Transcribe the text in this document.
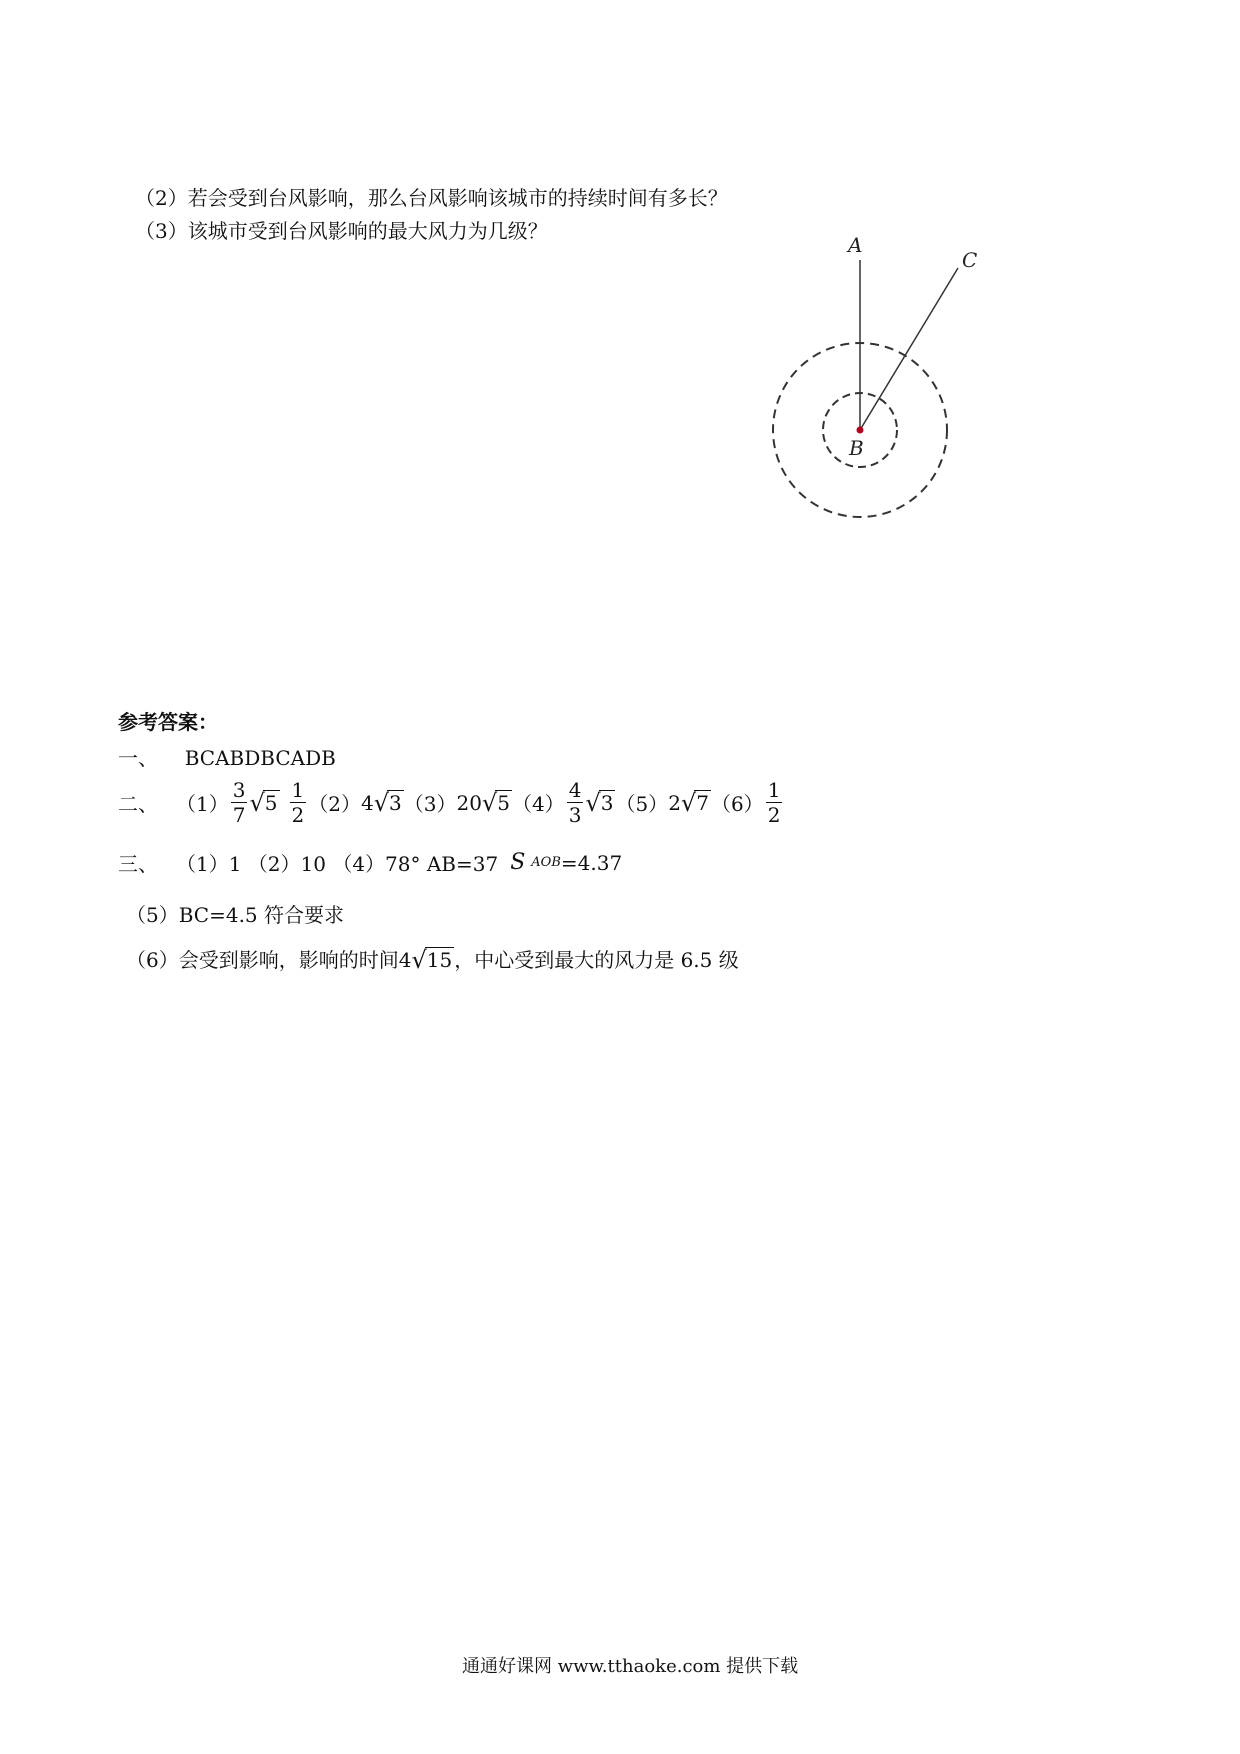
（2）若会受到台风影响，那么台风影响该城市的持续时间有多长？
（3）该城市受到台风影响的最大风力为几级？
A
B
C
参考答案：
一、 BCABDBCADB
二、 $(1) \frac{3}{7} √5 \frac{1}{2} (2)$ 4√3 （3） 20√5 $(4) \frac{4}{3} √3$ （5） 2√7 $(6) \frac{1}{2}$
三、 （1）1 （2）10 （4）78° AB=37 S AOB =4.37
（5）BC=4.5 符合要求
（6）会受到影响，影响的时间 4√15 ，中心受到最大的风力是 6.5 级
通通好课网 www.tthaoke.com 提供下载
